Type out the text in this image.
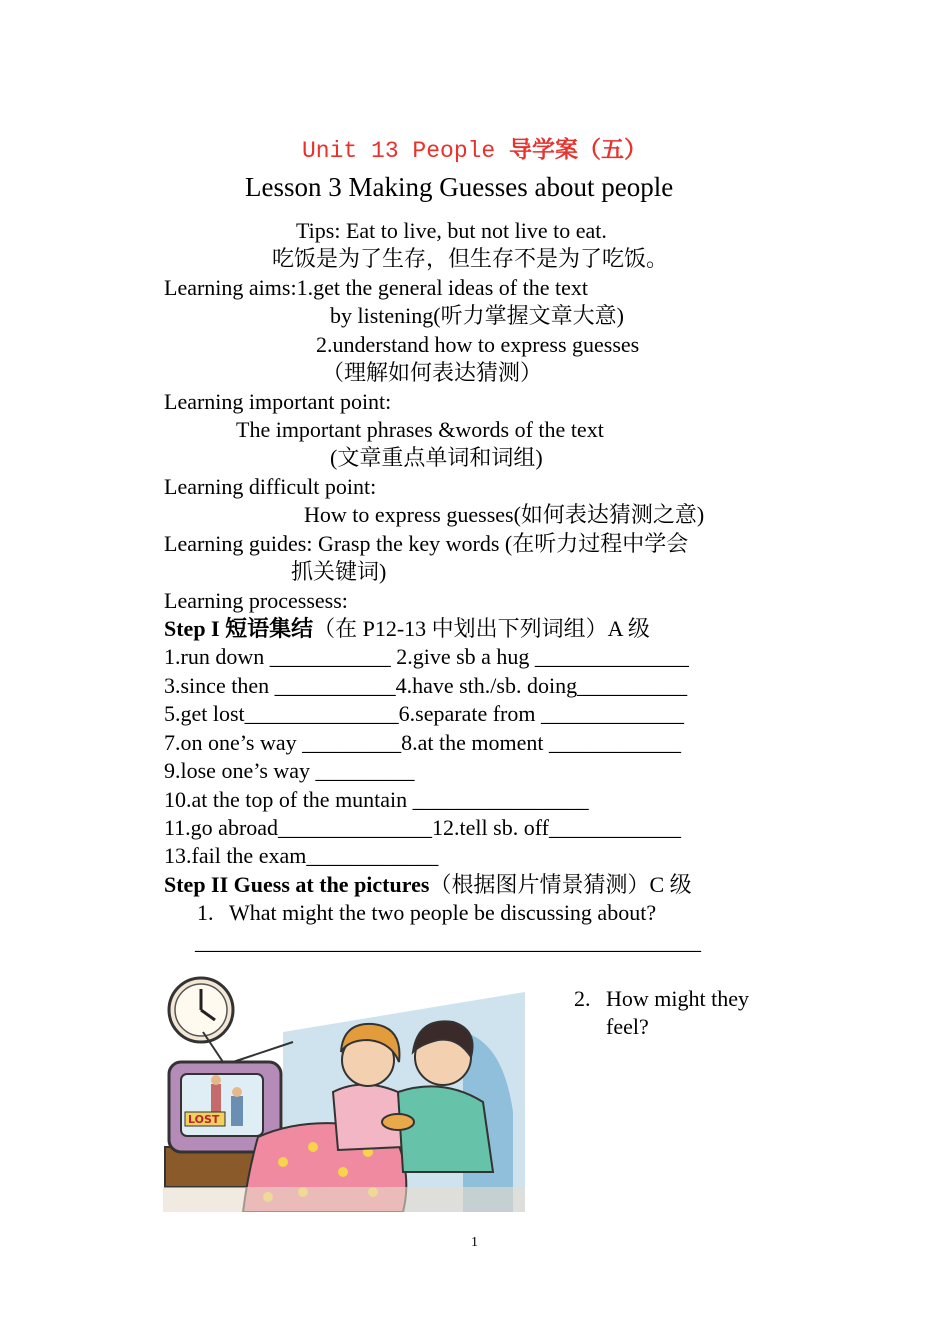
Unit 13 People 导学案（五）
Lesson 3 Making Guesses about people
Tips: Eat to live, but not live to eat.
吃饭是为了生存，但生存不是为了吃饭。
Learning aims:1.get the general ideas of the text
by listening(听力掌握文章大意)
2.understand how to express guesses
（理解如何表达猜测）
Learning important point:
The important phrases &words of the text
(文章重点单词和词组)
Learning difficult point:
How to express guesses(如何表达猜测之意)
Learning guides: Grasp the key words (在听力过程中学会
抓关键词)
Learning processess:
Step I 短语集结（在 P12-13 中划出下列词组）A 级
1.run down ___________ 2.give sb a hug ______________
3.since then ___________4.have sth./sb. doing__________
5.get lost______________6.separate from _____________
7.on one’s way _________8.at the moment ____________
9.lose one’s way _________
10.at the top of the muntain ________________
11.go abroad______________12.tell sb. off____________
13.fail the exam____________
Step II Guess at the pictures（根据图片情景猜测）C 级
1. What might the two people be discussing about?
______________________________________________
2. How might they
feel?
LOST
1
